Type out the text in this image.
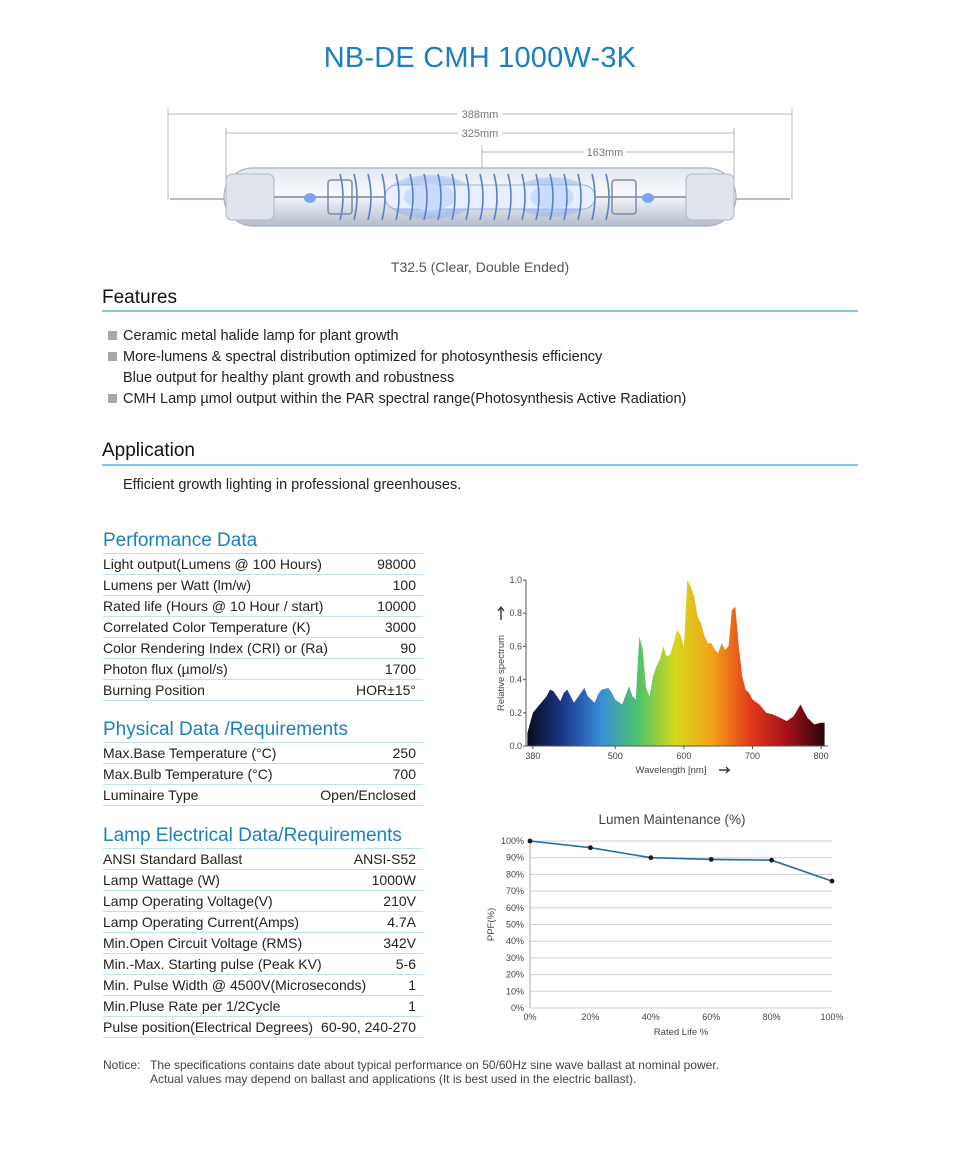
NB-DE CMH 1000W-3K
388mm
325mm
163mm
T32.5 (Clear, Double Ended)
Features
Ceramic metal halide lamp for plant growth
More-lumens & spectral distribution optimized for photosynthesis efficiency
Blue output for healthy plant growth and robustness
CMH Lamp µmol output within the PAR spectral range(Photosynthesis Active Radiation)
Application
Efficient growth lighting in professional greenhouses.
Performance Data
Light output(Lumens @ 100 Hours)	98000
Lumens per Watt (lm/w)	100
Rated life (Hours @ 10 Hour / start)	10000
Correlated Color Temperature (K)	3000
Color Rendering Index (CRI) or (Ra)	90
Photon flux (µmol/s)	1700
Burning Position	HOR±15°
Physical Data /Requirements
Max.Base Temperature (°C)	250
Max.Bulb Temperature (°C)	700
Luminaire Type	Open/Enclosed
Lamp Electrical Data/Requirements
ANSI Standard Ballast	ANSI-S52
Lamp Wattage (W)	1000W
Lamp Operating Voltage(V)	210V
Lamp Operating Current(Amps)	4.7A
Min.Open Circuit Voltage (RMS)	342V
Min.-Max. Starting pulse (Peak KV)	5-6
Min. Pulse Width @ 4500V(Microseconds)	1
Min.Pluse Rate per 1/2Cycle	1
Pulse position(Electrical Degrees) 60-90, 240-270
0.0
0.2
0.4
0.6
0.8
1.0
380	500	600	700	800
Wavelength [nm]
Relative spectrum
Lumen Maintenance (%)
0%
10%
20%
30%
40%
50%
60%
70%
80%
90%
100%
0%	20%	40%	60%	80%	100%
Rated Life %
PPF(%)
Notice: The specifications contains date about typical performance on 50/60Hz sine wave ballast at nominal power.
Actual values may depend on ballast and applications (It is best used in the electric ballast).
